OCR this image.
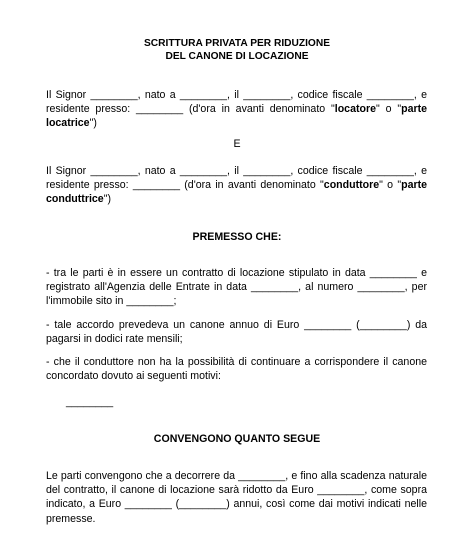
SCRITTURA PRIVATA PER RIDUZIONE
DEL CANONE DI LOCAZIONE
Il Signor ________, nato a ________, il ________, codice fiscale ________, e residente presso: ________ (d'ora in avanti denominato "locatore" o "parte locatrice")
E
Il Signor ________, nato a ________, il ________, codice fiscale ________, e residente presso: ________ (d'ora in avanti denominato "conduttore" o "parte conduttrice")
PREMESSO CHE:
- tra le parti è in essere un contratto di locazione stipulato in data ________ e registrato all'Agenzia delle Entrate in data ________, al numero ________, per l'immobile sito in ________;
- tale accordo prevedeva un canone annuo di Euro ________ (________) da pagarsi in dodici rate mensili;
- che il conduttore non ha la possibilità di continuare a corrispondere il canone concordato dovuto ai seguenti motivi:
________
CONVENGONO QUANTO SEGUE
Le parti convengono che a decorrere da ________, e fino alla scadenza naturale del contratto, il canone di locazione sarà ridotto da Euro ________, come sopra indicato, a Euro ________ (________) annui, così come dai motivi indicati nelle premesse.
